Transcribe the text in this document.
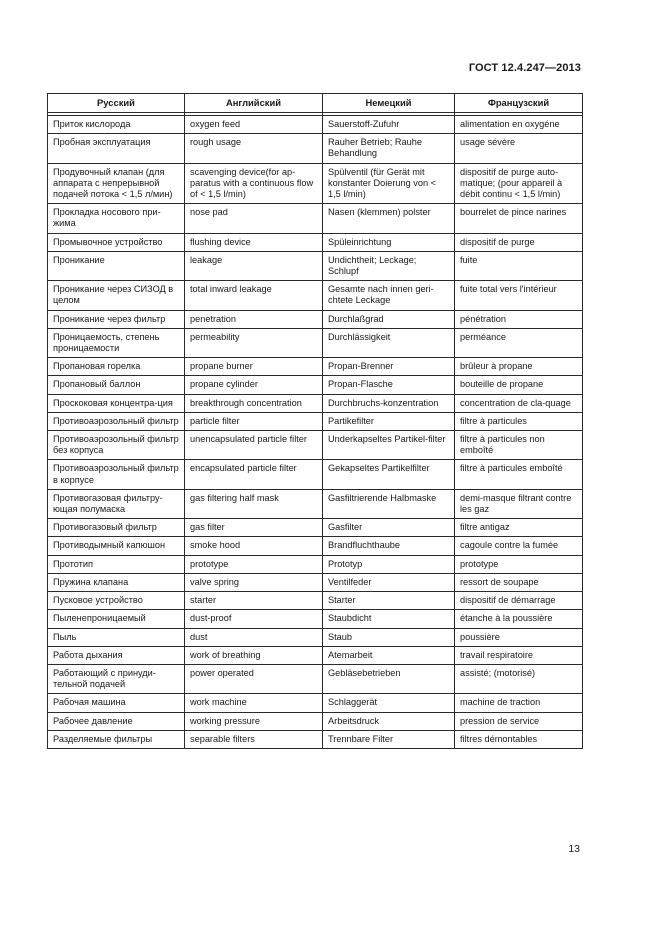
ГОСТ 12.4.247—2013
Русский	Английский	Немецкий	Французский

Приток кислорода	oxygen feed	Sauerstoff-Zufuhr	alimentation en oxygéne
Пробная эксплуатация	rough usage	Rauher Betrieb; Rauhe Behandlung	usage sévère
Продувочный клапан (для аппарата с непрерывной подачей потока < 1,5 л/мин)	scavenging device(for ap-paratus with a continuous flow of < 1,5 l/min)	Spülventil (für Gerät mit konstanter Doierung von < 1,5 l/min)	dispositif de purge auto-matique; (pour appareil à débit continu < 1,5 l/min)
Прокладка носового при-жима	nose pad	Nasen (klemmen) polster	bourrelet de pince narines
Промывочное устройство	flushing device	Spüleinrichtung	dispositif de purge
Проникание	leakage	Undichtheit; Leckage; Schlupf	fuite
Проникание через СИЗОД в целом	total inward leakage	Gesamte nach innen geri-chtete Leckage	fuite total vers l'intérieur
Проникание через фильтр	penetration	Durchlaßgrad	pénétration
Проницаемость, степень проницаемости	permeability	Durchlässigkeit	perméance
Пропановая горелка	propane burner	Propan-Brenner	brûleur à propane
Пропановый баллон	propane cylinder	Propan-Flasche	bouteille de propane
Проскоковая концентра-ция	breakthrough concentration	Durchbruchs-konzentration	concentration de cla-quage
Противоаэрозольный фильтр	particle filter	Partikefilter	filtre à particules
Противоаэрозольный фильтр без корпуса	unencapsulated particle filter	Underkapseltes Partikel-filter	filtre à particules non emboîté
Противоаэрозольный фильтр в корпусе	encapsulated particle filter	Gekapseltes Partikelfilter	filtre à particules emboîté
Противогазовая фильтру-ющая полумаска	gas filtering half mask	Gasfiltrierende Halbmaske	demi-masque filtrant contre les gaz
Противогазовый фильтр	gas filter	Gasfilter	filtre antigaz
Противодымный капюшон	smoke hood	Brandfluchthaube	cagoule contre la fumée
Прототип	prototype	Prototyp	prototype
Пружина клапана	valve spring	Ventilfeder	ressort de soupape
Пусковое устройство	starter	Starter	dispositif de démarrage
Пыленепроницаемый	dust-proof	Staubdicht	étanche à la poussière
Пыль	dust	Staub	poussière
Работа дыхания	work of breathing	Atemarbeit	travail respiratoire
Работающий с принуди-тельной подачей	power operated	Gebläsebetrieben	assisté; (motorisé)
Рабочая машина	work machine	Schlaggerät	machine de traction
Рабочее давление	working pressure	Arbeitsdruck	pression de service
Разделяемые фильтры	separable filters	Trennbare Filter	filtres démontables
13
